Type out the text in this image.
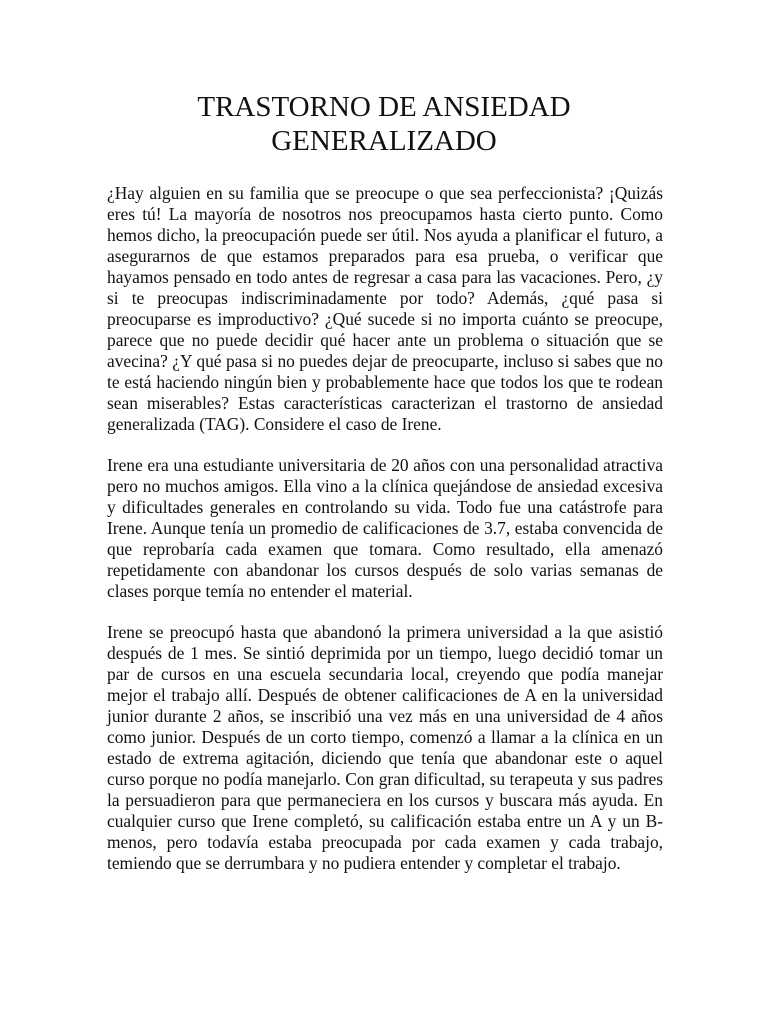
TRASTORNO DE ANSIEDAD
GENERALIZADO

¿Hay alguien en su familia que se preocupe o que sea perfeccionista? ¡Quizás eres tú! La mayoría de nosotros nos preocupamos hasta cierto punto. Como hemos dicho, la preocupación puede ser útil. Nos ayuda a planificar el futuro, a asegurarnos de que estamos preparados para esa prueba, o verificar que hayamos pensado en todo antes de regresar a casa para las vacaciones. Pero, ¿y si te preocupas indiscriminadamente por todo? Además, ¿qué pasa si preocuparse es improductivo? ¿Qué sucede si no importa cuánto se preocupe, parece que no puede decidir qué hacer ante un problema o situación que se avecina? ¿Y qué pasa si no puedes dejar de preocuparte, incluso si sabes que no te está haciendo ningún bien y probablemente hace que todos los que te rodean sean miserables? Estas características caracterizan el trastorno de ansiedad generalizada (TAG). Considere el caso de Irene.

Irene era una estudiante universitaria de 20 años con una personalidad atractiva pero no muchos amigos. Ella vino a la clínica quejándose de ansiedad excesiva y dificultades generales en controlando su vida. Todo fue una catástrofe para Irene. Aunque tenía un promedio de calificaciones de 3.7, estaba convencida de que reprobaría cada examen que tomara. Como resultado, ella amenazó repetidamente con abandonar los cursos después de solo varias semanas de clases porque temía no entender el material.

Irene se preocupó hasta que abandonó la primera universidad a la que asistió después de 1 mes. Se sintió deprimida por un tiempo, luego decidió tomar un par de cursos en una escuela secundaria local, creyendo que podía manejar mejor el trabajo allí. Después de obtener calificaciones de A en la universidad junior durante 2 años, se inscribió una vez más en una universidad de 4 años como junior. Después de un corto tiempo, comenzó a llamar a la clínica en un estado de extrema agitación, diciendo que tenía que abandonar este o aquel curso porque no podía manejarlo. Con gran dificultad, su terapeuta y sus padres la persuadieron para que permaneciera en los cursos y buscara más ayuda. En cualquier curso que Irene completó, su calificación estaba entre un A y un B-menos, pero todavía estaba preocupada por cada examen y cada trabajo, temiendo que se derrumbara y no pudiera entender y completar el trabajo.
